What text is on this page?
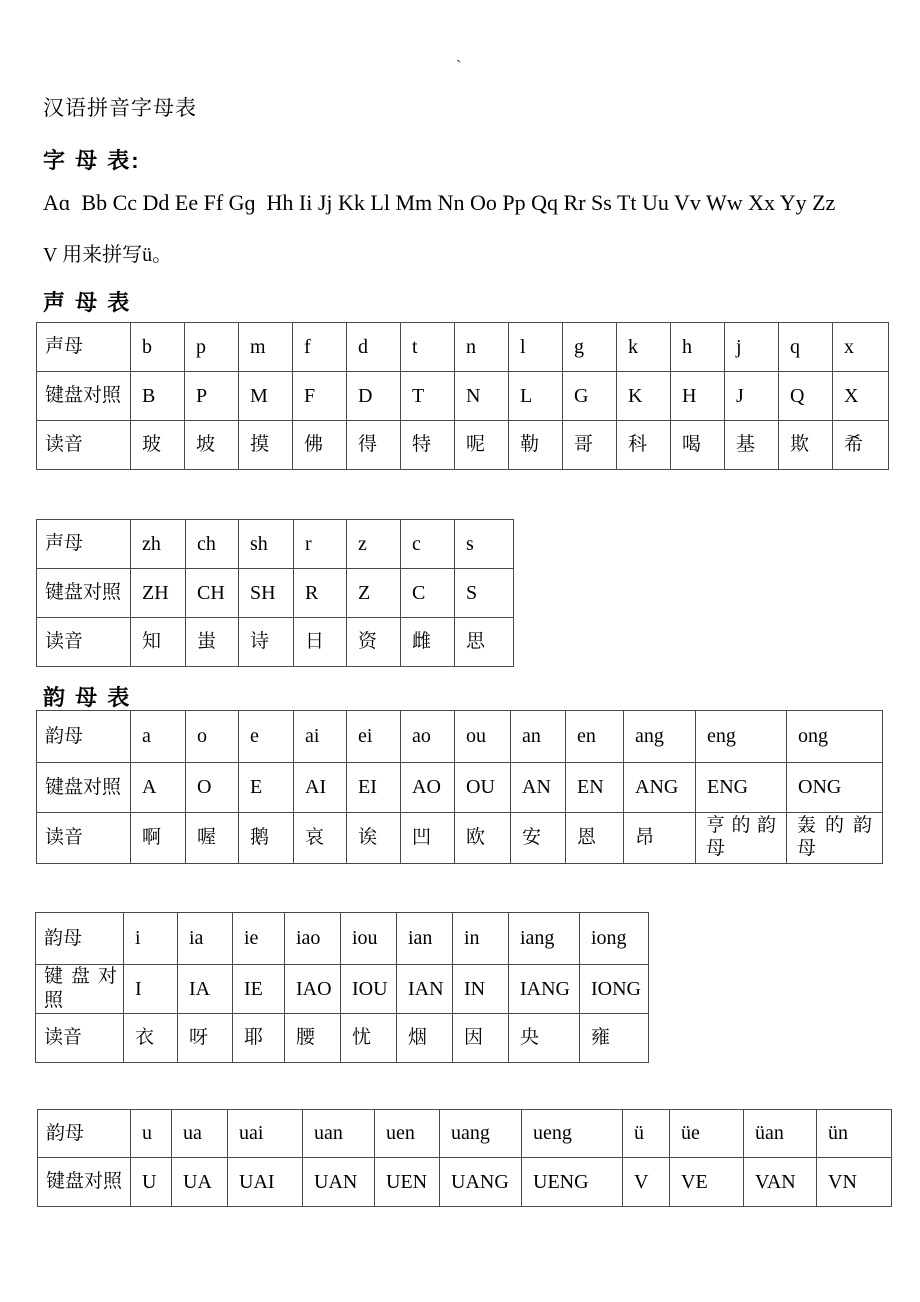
`
汉语拼音字母表
字 母 表:
Aɑ  Bb Cc Dd Ee Ff Gɡ  Hh Ii Jj Kk Ll Mm Nn Oo Pp Qq Rr Ss Tt Uu Vv Ww Xx Yy Zz
V 用来拼写ü。
声 母 表
韵 母 表
声母	b	p	m	f	d	t	n	l	g	k	h	j	q	x
键盘对照	B	P	M	F	D	T	N	L	G	K	H	J	Q	X
读音	玻	坡	摸	佛	得	特	呢	勒	哥	科	喝	基	欺	希
声母	zh	ch	sh	r	z	c	s
键盘对照	ZH	CH	SH	R	Z	C	S
读音	知	蚩	诗	日	资	雌	思
韵母	a	o	e	ai	ei	ao	ou	an	en	ang	eng	ong
键盘对照	A	O	E	AI	EI	AO	OU	AN	EN	ANG	ENG	ONG
读音	啊	喔	鹅	哀	诶	凹	欧	安	恩	昂	亨的韵母	轰的韵母
韵母	i	ia	ie	iao	iou	ian	in	iang	iong
键盘对照	I	IA	IE	IAO	IOU	IAN	IN	IANG	IONG
读音	衣	呀	耶	腰	忧	烟	因	央	雍
韵母	u	ua	uai	uan	uen	uang	ueng	ü	üe	üan	ün
键盘对照	U	UA	UAI	UAN	UEN	UANG	UENG	V	VE	VAN	VN
